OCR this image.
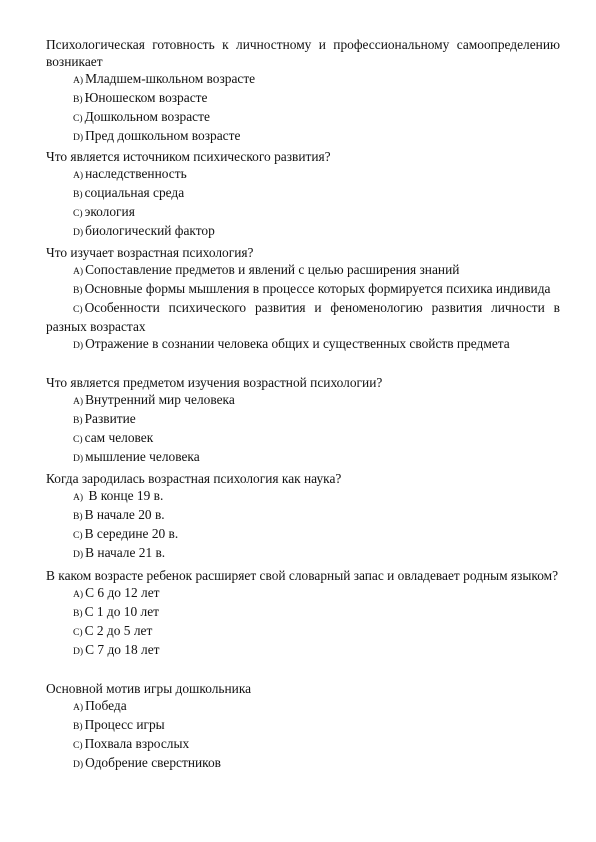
Психологическая готовность к личностному и профессиональному самоопределению возникает

A) Младшем-школьном возрасте
B) Юношеском возрасте
C) Дошкольном возрасте
D) Пред дошкольном возрасте

Что является источником психического развития?

A) наследственность
B) социальная среда
C) экология
D) биологический фактор

Что изучает возрастная психология?

A) Сопоставление предметов и явлений с целью расширения знаний
B) Основные формы мышления в процессе которых формируется психика индивида
C) Особенности психического развития и феноменологию развития личности в разных возрастах
D) Отражение в сознании человека общих и существенных свойств предмета

Что является предметом изучения возрастной психологии?

A) Внутренний мир человека
B) Развитие
C) сам человек
D) мышление человека

Когда зародилась возрастная психология как наука?

A) В конце 19 в.
B) В начале 20 в.
C) В середине 20 в.
D) В начале 21 в.

В каком возрасте ребенок расширяет свой словарный запас и овладевает родным языком?

A) С 6 до 12 лет
B) С 1 до 10 лет
C) С 2 до 5 лет
D) С 7 до 18 лет

Основной мотив игры дошкольника

A) Победа
B) Процесс игры
C) Похвала взрослых
D) Одобрение сверстников
